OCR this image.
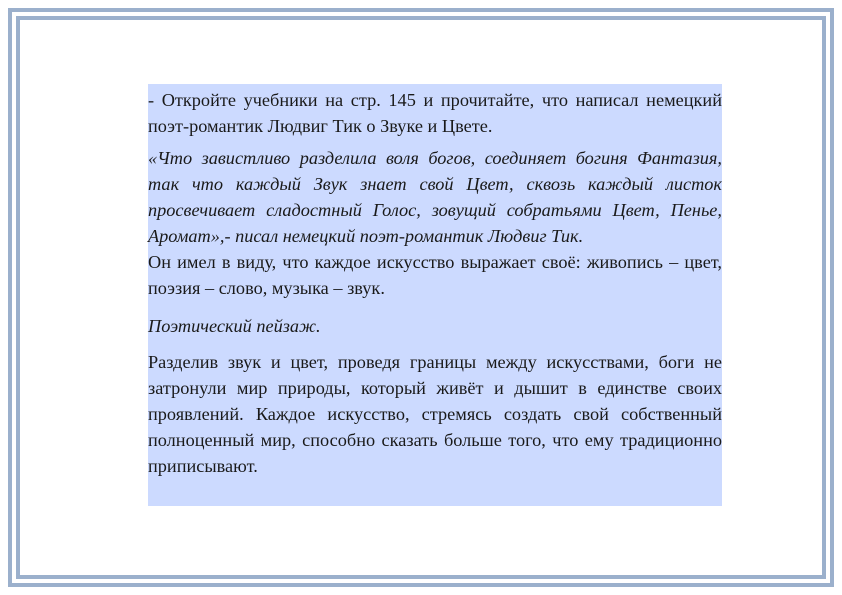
- Откройте учебники на стр. 145 и прочитайте, что написал немецкий поэт-романтик Людвиг Тик о Звуке и Цвете.

«Что завистливо разделила воля богов, соединяет богиня Фантазия, так что каждый Звук знает свой Цвет, сквозь каждый листок просвечивает сладостный Голос, зовущий собратьями Цвет, Пенье, Аромат»,- писал немецкий поэт-романтик Людвиг Тик.

Он имел в виду, что каждое искусство выражает своё: живопись – цвет, поэзия – слово, музыка – звук.

Поэтический пейзаж.

Разделив звук и цвет, проведя границы между искусствами, боги не затронули мир природы, который живёт и дышит в единстве своих проявлений. Каждое искусство, стремясь создать свой собственный полноценный мир, способно сказать больше того, что ему традиционно приписывают.
